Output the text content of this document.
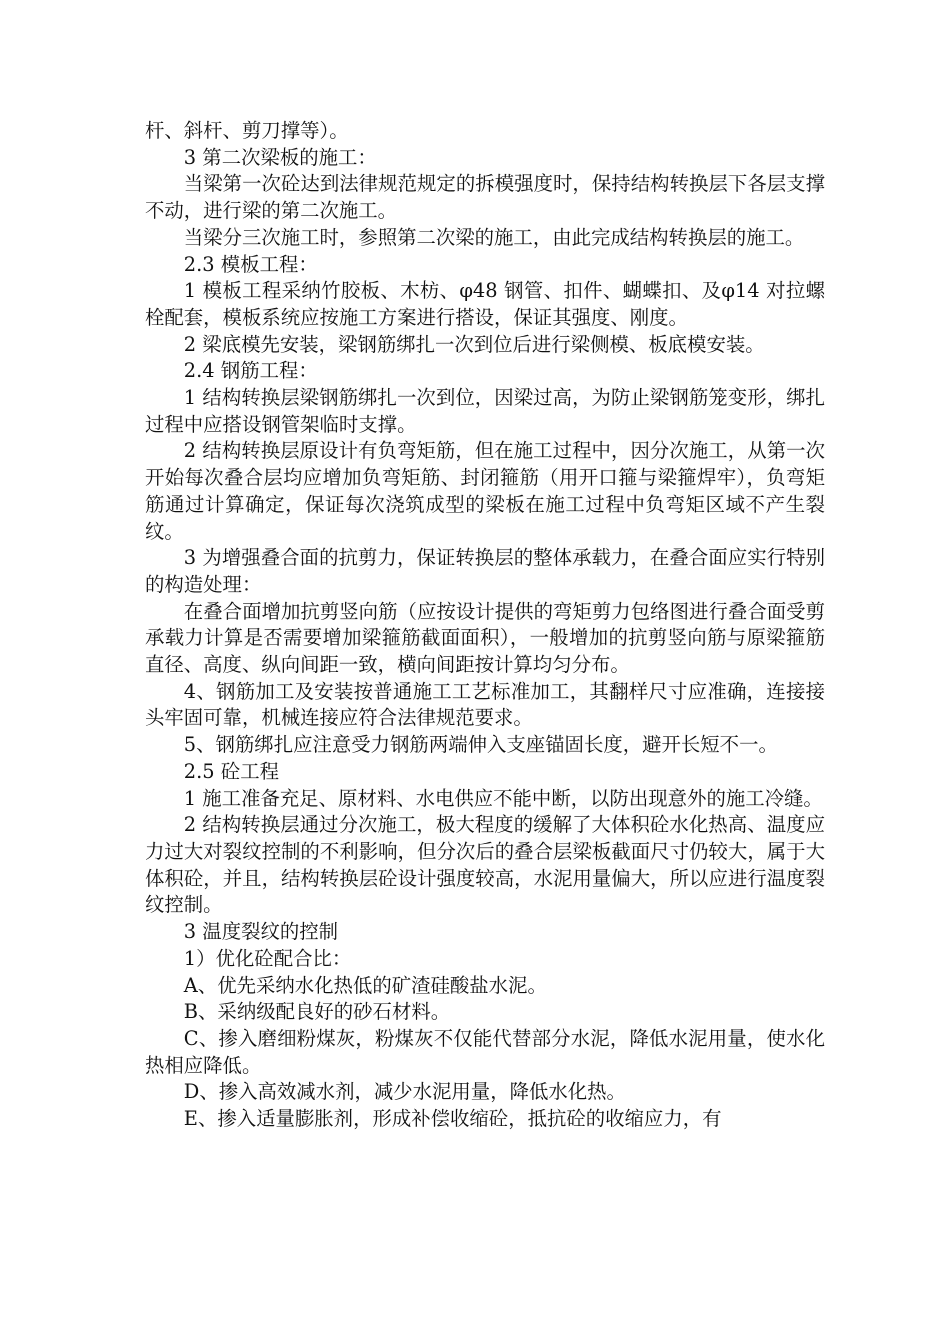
杆、斜杆、剪刀撑等）。

3 第二次梁板的施工：

当梁第一次砼达到法律规范规定的拆模强度时，保持结构转换层下各层支撑不动，进行梁的第二次施工。

当梁分三次施工时，参照第二次梁的施工，由此完成结构转换层的施工。

2.3 模板工程：

1 模板工程采纳竹胶板、木枋、φ48 钢管、扣件、蝴蝶扣、及φ14 对拉螺栓配套，模板系统应按施工方案进行搭设，保证其强度、刚度。

2 梁底模先安装，梁钢筋绑扎一次到位后进行梁侧模、板底模安装。

2.4 钢筋工程：

1 结构转换层梁钢筋绑扎一次到位，因梁过高，为防止梁钢筋笼变形，绑扎过程中应搭设钢管架临时支撑。

2 结构转换层原设计有负弯矩筋，但在施工过程中，因分次施工，从第一次开始每次叠合层均应增加负弯矩筋、封闭箍筋（用开口箍与梁箍焊牢），负弯矩筋通过计算确定，保证每次浇筑成型的梁板在施工过程中负弯矩区域不产生裂纹。

3 为增强叠合面的抗剪力，保证转换层的整体承载力，在叠合面应实行特别的构造处理：

在叠合面增加抗剪竖向筋（应按设计提供的弯矩剪力包络图进行叠合面受剪承载力计算是否需要增加梁箍筋截面面积），一般增加的抗剪竖向筋与原梁箍筋直径、高度、纵向间距一致，横向间距按计算均匀分布。

4、钢筋加工及安装按普通施工工艺标准加工，其翻样尺寸应准确，连接接头牢固可靠，机械连接应符合法律规范要求。

5、钢筋绑扎应注意受力钢筋两端伸入支座锚固长度，避开长短不一。

2.5 砼工程

1 施工准备充足、原材料、水电供应不能中断，以防出现意外的施工冷缝。

2 结构转换层通过分次施工，极大程度的缓解了大体积砼水化热高、温度应力过大对裂纹控制的不利影响，但分次后的叠合层梁板截面尺寸仍较大，属于大体积砼，并且，结构转换层砼设计强度较高，水泥用量偏大，所以应进行温度裂纹控制。

3 温度裂纹的控制

1）优化砼配合比：

A、优先采纳水化热低的矿渣硅酸盐水泥。

B、采纳级配良好的砂石材料。

C、掺入磨细粉煤灰，粉煤灰不仅能代替部分水泥，降低水泥用量，使水化热相应降低。

D、掺入高效减水剂，减少水泥用量，降低水化热。

E、掺入适量膨胀剂，形成补偿收缩砼，抵抗砼的收缩应力，有
